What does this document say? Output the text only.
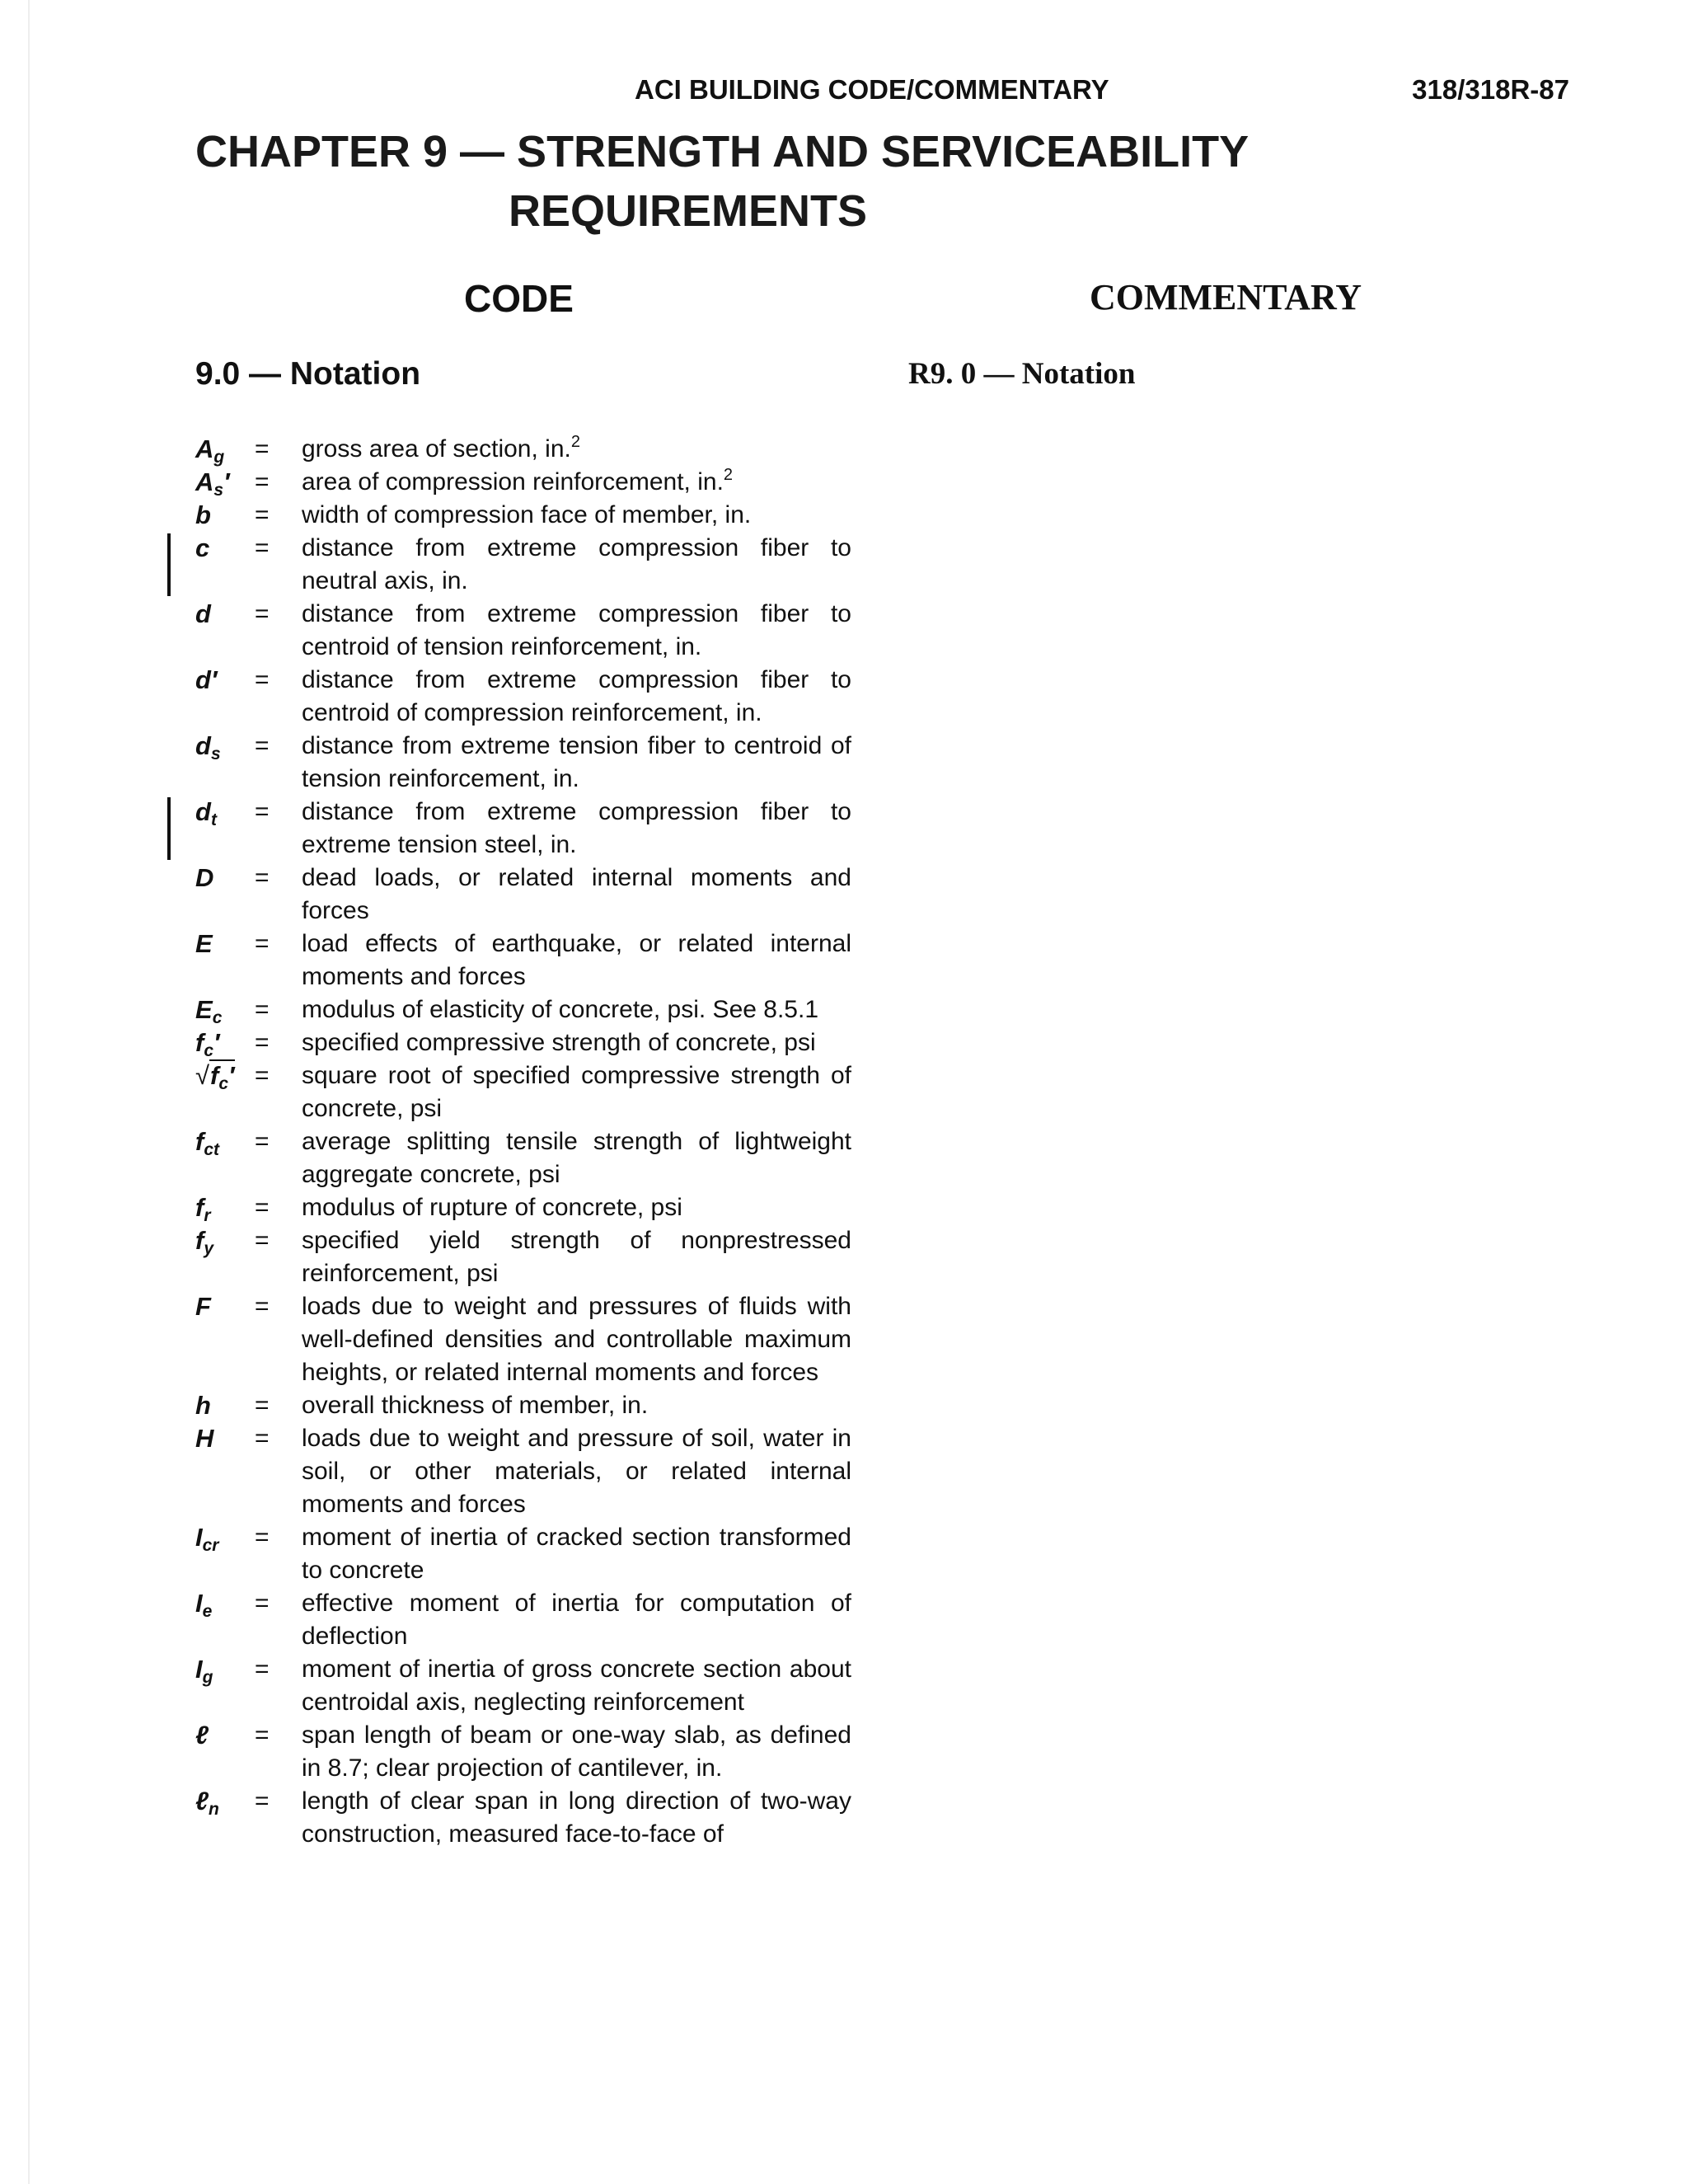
ACI BUILDING CODE/COMMENTARY	318/318R-87
CHAPTER 9 — STRENGTH AND SERVICEABILITY
REQUIREMENTS
CODE	COMMENTARY
9.0 — Notation	R9. 0 — Notation
$A_g$	=	gross area of section, in.$^2$
$A_s'$	=	area of compression reinforcement, in.$^2$
b	=	width of compression face of member, in.
c	=	distance from extreme compression fiber to neutral axis, in.
d	=	distance from extreme compression fiber to centroid of tension reinforcement, in.
d′	=	distance from extreme compression fiber to centroid of compression reinforcement, in.
$d_s$	=	distance from extreme tension fiber to centroid of tension reinforcement, in.
$d_t$	=	distance from extreme compression fiber to extreme tension steel, in.
D	=	dead loads, or related internal moments and forces
E	=	load effects of earthquake, or related internal moments and forces
$E_c$	=	modulus of elasticity of concrete, psi. See 8.5.1
$f_c'$	=	specified compressive strength of concrete, psi
$√f_c'$ =	square root of specified compressive strength of concrete, psi
$f_{ct}$	=	average splitting tensile strength of lightweight aggregate concrete, psi
$f_r$	=	modulus of rupture of concrete, psi
$f_y$	=	specified yield strength of nonprestressed reinforcement, psi
F	=	loads due to weight and pressures of fluids with well-defined densities and controllable maximum heights, or related internal moments and forces
h	=	overall thickness of member, in.
H	=	loads due to weight and pressure of soil, water in soil, or other materials, or related internal moments and forces
$I_{cr}$	=	moment of inertia of cracked section transformed to concrete
$I_e$	=	effective moment of inertia for computation of deflection
$I_g$	=	moment of inertia of gross concrete section about centroidal axis, neglecting reinforcement
ℓ	=	span length of beam or one-way slab, as defined in 8.7; clear projection of cantilever, in.
ℓ$_n$	=	length of clear span in long direction of two-way construction, measured face-to-face of
